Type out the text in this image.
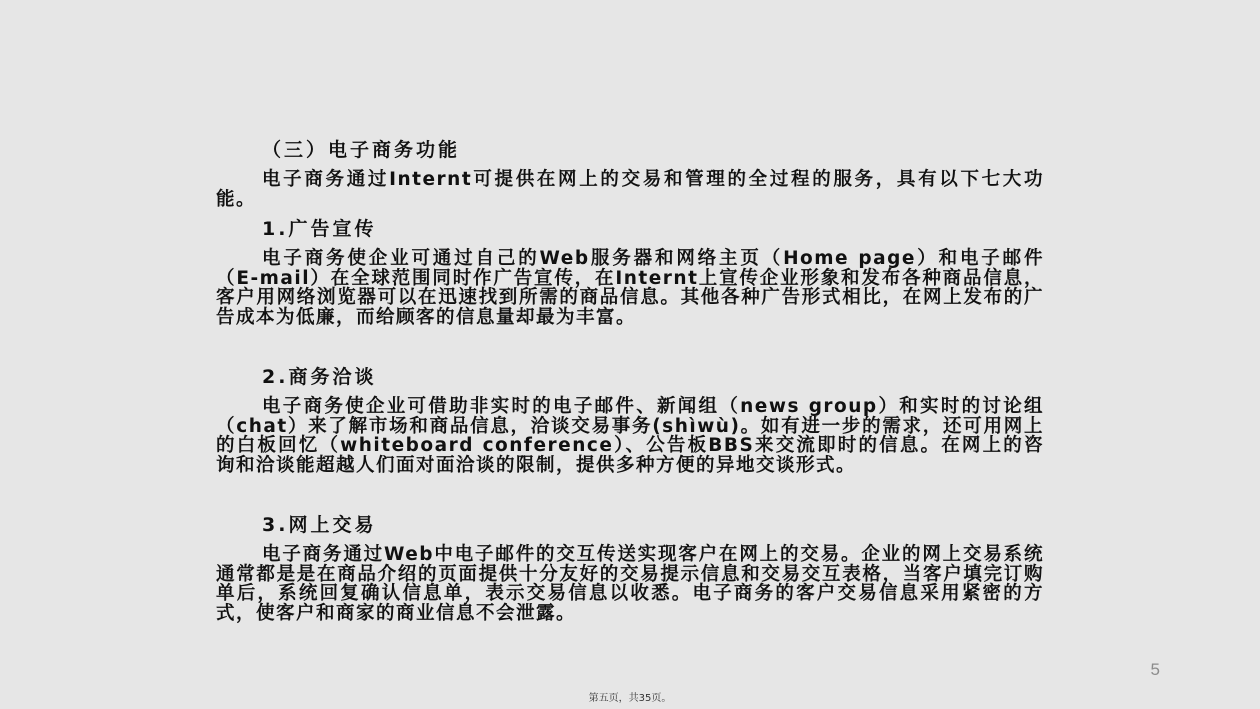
（三）电子商务功能

电子商务通过Internt可提供在网上的交易和管理的全过程的服务，具有以下七大功能。

1.广告宣传

电子商务使企业可通过自己的Web服务器和网络主页（Home page）和电子邮件（E-mail）在全球范围同时作广告宣传，在Internt上宣传企业形象和发布各种商品信息，客户用网络浏览器可以在迅速找到所需的商品信息。其他各种广告形式相比，在网上发布的广告成本为低廉，而给顾客的信息量却最为丰富。

2.商务洽谈

电子商务使企业可借助非实时的电子邮件、新闻组（news group）和实时的讨论组（chat）来了解市场和商品信息，洽谈交易事务(shìwù)。如有进一步的需求，还可用网上的白板回忆（whiteboard conference）、公告板BBS来交流即时的信息。在网上的咨询和洽谈能超越人们面对面洽谈的限制，提供多种方便的异地交谈形式。

3.网上交易

电子商务通过Web中电子邮件的交互传送实现客户在网上的交易。企业的网上交易系统通常都是是在商品介绍的页面提供十分友好的交易提示信息和交易交互表格，当客户填完订购单后，系统回复确认信息单，表示交易信息以收悉。电子商务的客户交易信息采用紧密的方式，使客户和商家的商业信息不会泄露。

5
第五页，共35页。
